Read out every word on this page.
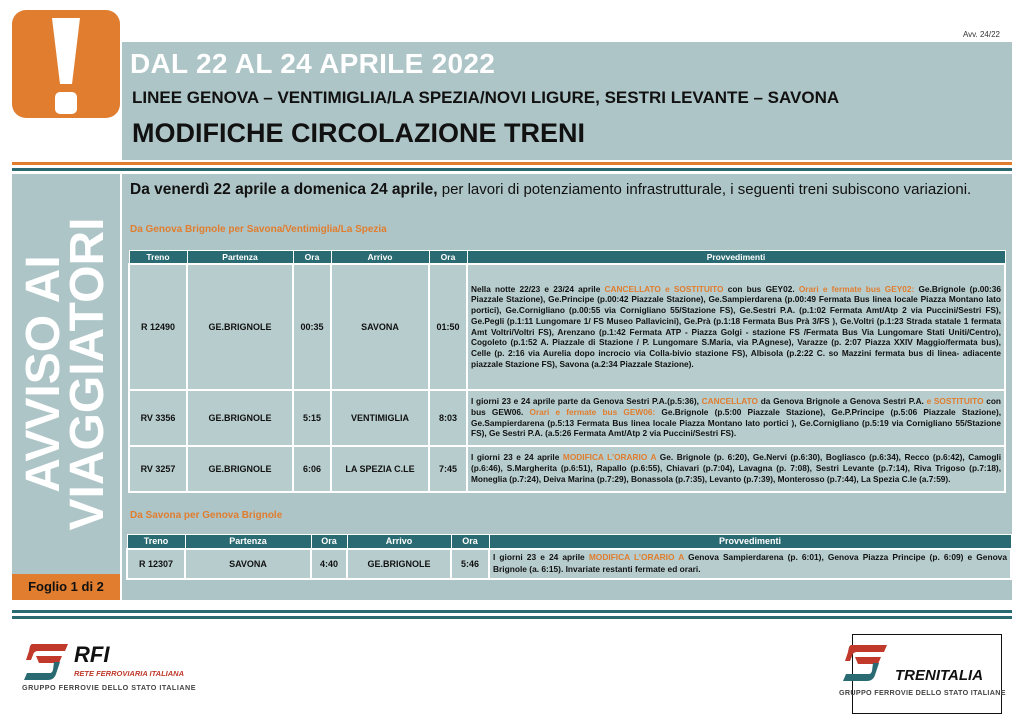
Avv. 24/22
DAL 22 AL 24 APRILE 2022
LINEE GENOVA – VENTIMIGLIA/LA SPEZIA/NOVI LIGURE, SESTRI LEVANTE – SAVONA
MODIFICHE CIRCOLAZIONE TRENI
AVVISO AI
VIAGGIATORI
Foglio 1 di 2
Da venerdì 22 aprile a domenica 24 aprile, per lavori di potenziamento infrastrutturale, i seguenti treni subiscono variazioni.
Da Genova Brignole per Savona/Ventimiglia/La Spezia
Treno	Partenza	Ora	Arrivo	Ora	Provvedimenti
R 12490	GE.BRIGNOLE	00:35	SAVONA	01:50	Nella notte 22/23 e 23/24 aprile CANCELLATO e SOSTITUITO con bus GEY02. Orari e fermate bus GEY02: Ge.Brignole (p.00:36 Piazzale Stazione), Ge.Principe (p.00:42 Piazzale Stazione), Ge.Sampierdarena (p.00:49 Fermata Bus linea locale Piazza Montano lato portici), Ge.Cornigliano (p.00:55 via Cornigliano 55/Stazione FS), Ge.Sestri P.A. (p.1:02 Fermata Amt/Atp 2 via Puccini/Sestri FS), Ge.Pegli (p.1:11 Lungomare 1/ FS Museo Pallavicini), Ge.Prà (p.1:18 Fermata Bus Prà 3/FS ), Ge.Voltri (p.1:23 Strada statale 1 fermata Amt Voltri/Voltri FS), Arenzano (p.1:42 Fermata ATP - Piazza Golgi - stazione FS /Fermata Bus Via Lungomare Stati Uniti/Centro), Cogoleto (p.1:52 A. Piazzale di Stazione / P. Lungomare S.Maria, via P.Agnese), Varazze (p. 2:07 Piazza XXIV Maggio/fermata bus), Celle (p. 2:16 via Aurelia dopo incrocio via Colla-bivio stazione FS), Albisola (p.2:22 C. so Mazzini fermata bus di linea- adiacente piazzale Stazione FS), Savona (a.2:34 Piazzale Stazione).
RV 3356	GE.BRIGNOLE	5:15	VENTIMIGLIA	8:03	I giorni 23 e 24 aprile parte da Genova Sestri P.A.(p.5:36), CANCELLATO da Genova Brignole a Genova Sestri P.A. e SOSTITUITO con bus GEW06. Orari e fermate bus GEW06: Ge.Brignole (p.5:00 Piazzale Stazione), Ge.P.Principe (p.5:06 Piazzale Stazione), Ge.Sampierdarena (p.5:13 Fermata Bus linea locale Piazza Montano lato portici ), Ge.Cornigliano (p.5:19 via Cornigliano 55/Stazione FS), Ge Sestri P.A. (a.5:26 Fermata Amt/Atp 2 via Puccini/Sestri FS).
RV 3257	GE.BRIGNOLE	6:06	LA SPEZIA C.LE	7:45	I giorni 23 e 24 aprile MODIFICA L’ORARIO A Ge. Brignole (p. 6:20), Ge.Nervi (p.6:30), Bogliasco (p.6:34), Recco (p.6:42), Camogli (p.6:46), S.Margherita (p.6:51), Rapallo (p.6:55), Chiavari (p.7:04), Lavagna (p. 7:08), Sestri Levante (p.7:14), Riva Trigoso (p.7:18), Moneglia (p.7:24), Deiva Marina (p.7:29), Bonassola (p.7:35), Levanto (p.7:39), Monterosso (p.7:44), La Spezia C.le (a.7:59).
Da Savona per Genova Brignole
Treno	Partenza	Ora	Arrivo	Ora	Provvedimenti
R 12307	SAVONA	4:40	GE.BRIGNOLE	5:46	I giorni 23 e 24 aprile MODIFICA L’ORARIO A Genova Sampierdarena (p. 6:01), Genova Piazza Principe (p. 6:09) e Genova Brignole (a. 6:15). Invariate restanti fermate ed orari.
RFI
RETE FERROVIARIA ITALIANA
GRUPPO FERROVIE DELLO STATO ITALIANE
TRENITALIA
GRUPPO FERROVIE DELLO STATO ITALIANE
